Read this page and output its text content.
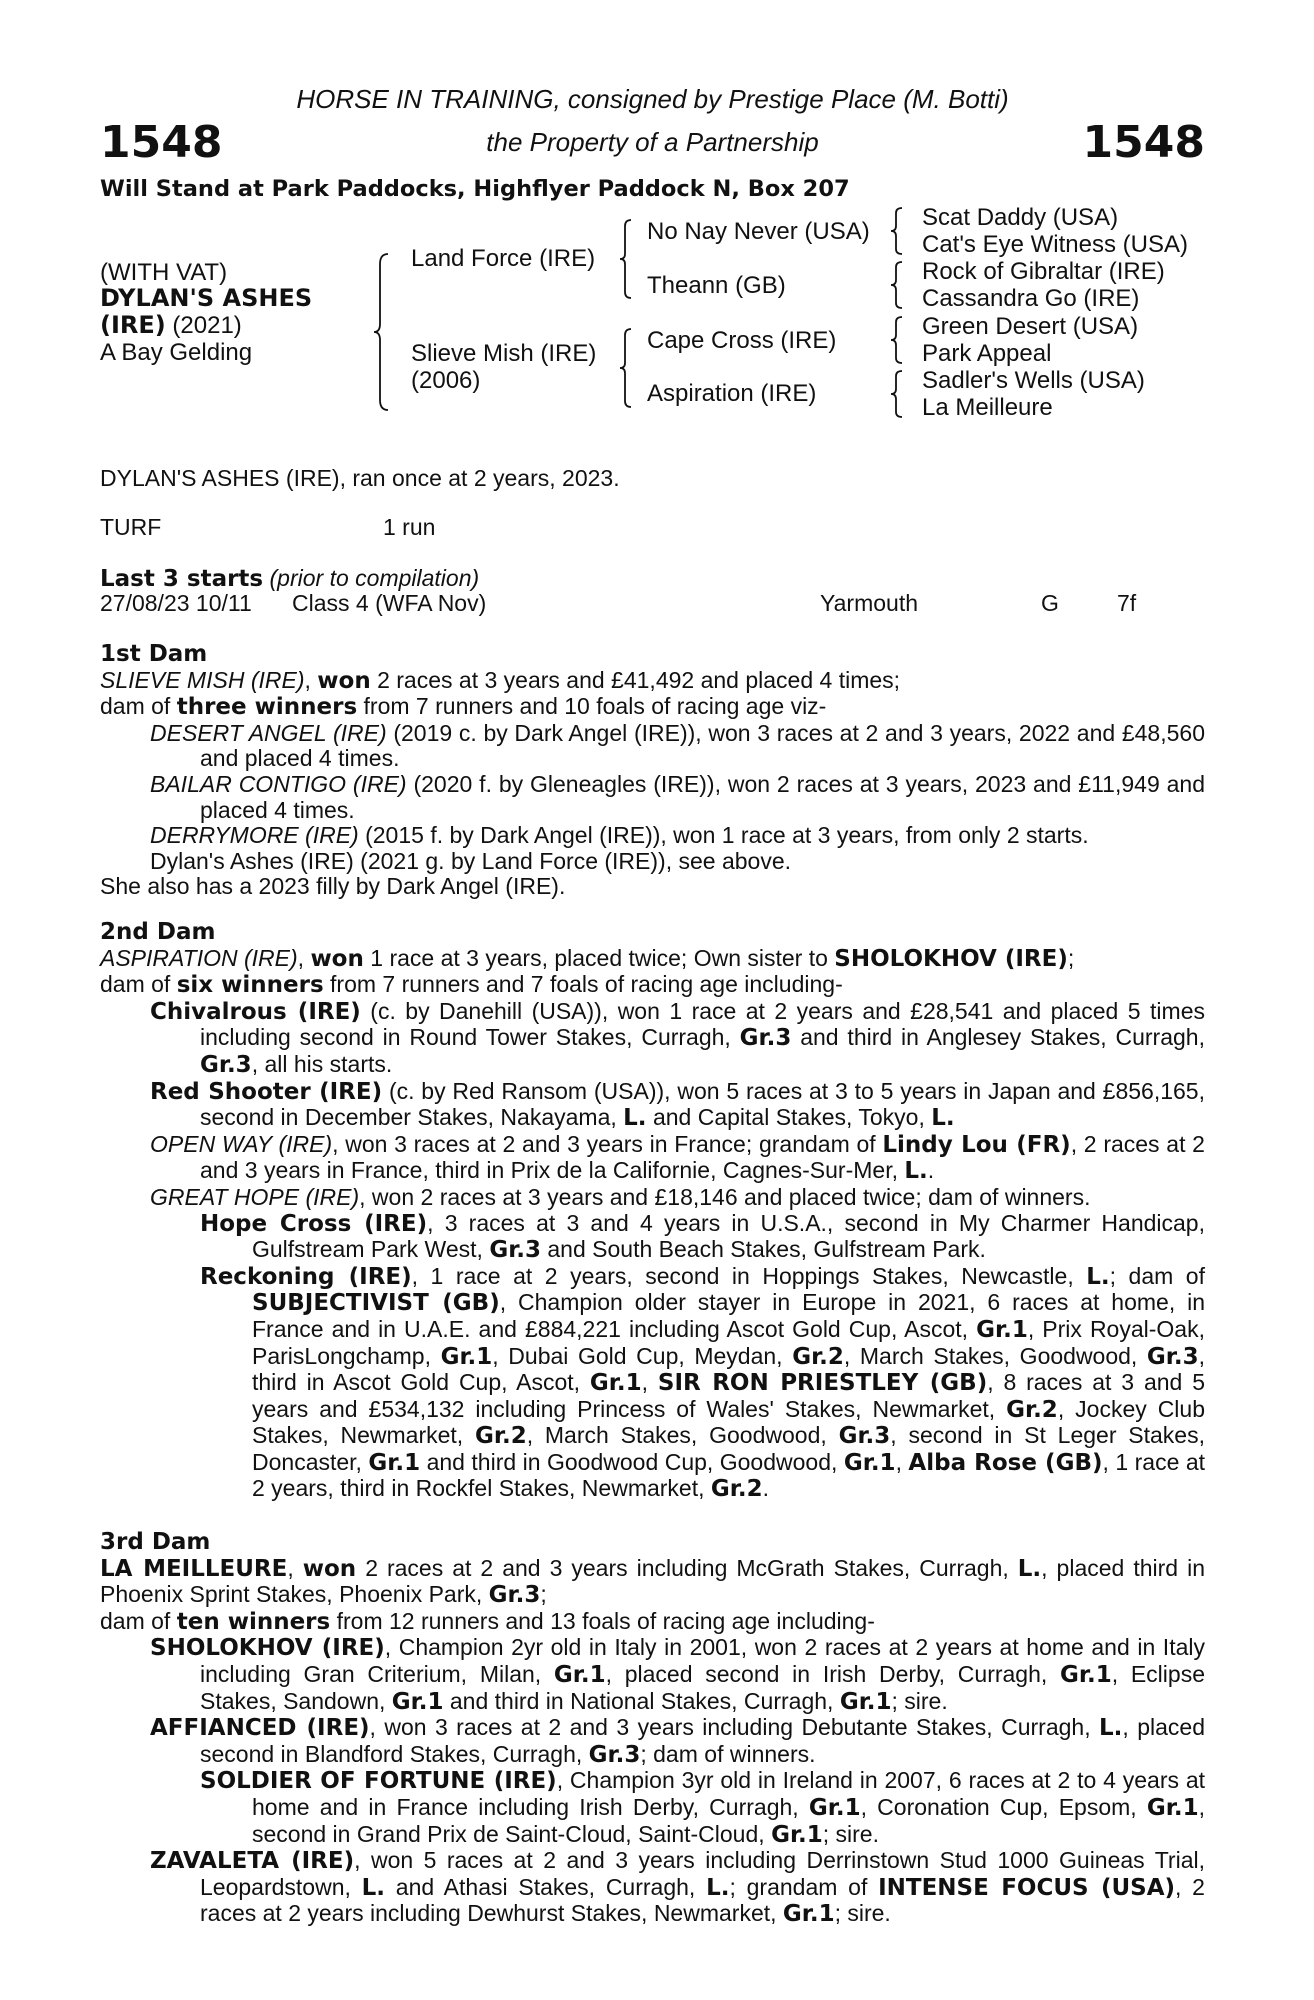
1548	1548
HORSE IN TRAINING, consigned by Prestige Place (M. Botti)
the Property of a Partnership
Will Stand at Park Paddocks, Highflyer Paddock N, Box 207
(WITH VAT)
DYLAN'S ASHES
(IRE) (2021)
A Bay Gelding
Land Force (IRE)
Slieve Mish (IRE)
(2006)
No Nay Never (USA)
Theann (GB)
Cape Cross (IRE)
Aspiration (IRE)
Scat Daddy (USA)
Cat's Eye Witness (USA)
Rock of Gibraltar (IRE)
Cassandra Go (IRE)
Green Desert (USA)
Park Appeal
Sadler's Wells (USA)
La Meilleure
DYLAN'S ASHES (IRE), ran once at 2 years, 2023.
TURF	1 run
Last 3 starts (prior to compilation)
27/08/23 10/11 Class 4 (WFA Nov)	Yarmouth	G	7f

1st Dam

SLIEVE MISH (IRE), won 2 races at 3 years and £41,492 and placed 4 times;

dam of three winners from 7 runners and 10 foals of racing age viz-

DESERT ANGEL (IRE) (2019 c. by Dark Angel (IRE)), won 3 races at 2 and 3 years, 2022 and £48,560 and placed 4 times.

BAILAR CONTIGO (IRE) (2020 f. by Gleneagles (IRE)), won 2 races at 3 years, 2023 and £11,949 and placed 4 times.

DERRYMORE (IRE) (2015 f. by Dark Angel (IRE)), won 1 race at 3 years, from only 2 starts.

Dylan's Ashes (IRE) (2021 g. by Land Force (IRE)), see above.

She also has a 2023 filly by Dark Angel (IRE).

2nd Dam

ASPIRATION (IRE), won 1 race at 3 years, placed twice; Own sister to SHOLOKHOV (IRE);

dam of six winners from 7 runners and 7 foals of racing age including-

Chivalrous (IRE) (c. by Danehill (USA)), won 1 race at 2 years and £28,541 and placed 5 times including second in Round Tower Stakes, Curragh, Gr.3 and third in Anglesey Stakes, Curragh, Gr.3, all his starts.

Red Shooter (IRE) (c. by Red Ransom (USA)), won 5 races at 3 to 5 years in Japan and £856,165, second in December Stakes, Nakayama, L. and Capital Stakes, Tokyo, L.

OPEN WAY (IRE), won 3 races at 2 and 3 years in France; grandam of Lindy Lou (FR), 2 races at 2 and 3 years in France, third in Prix de la Californie, Cagnes-Sur-Mer, L..

GREAT HOPE (IRE), won 2 races at 3 years and £18,146 and placed twice; dam of winners.

Hope Cross (IRE), 3 races at 3 and 4 years in U.S.A., second in My Charmer Handicap, Gulfstream Park West, Gr.3 and South Beach Stakes, Gulfstream Park.

Reckoning (IRE), 1 race at 2 years, second in Hoppings Stakes, Newcastle, L.; dam of SUBJECTIVIST (GB), Champion older stayer in Europe in 2021, 6 races at home, in France and in U.A.E. and £884,221 including Ascot Gold Cup, Ascot, Gr.1, Prix Royal-Oak, ParisLongchamp, Gr.1, Dubai Gold Cup, Meydan, Gr.2, March Stakes, Goodwood, Gr.3, third in Ascot Gold Cup, Ascot, Gr.1, SIR RON PRIESTLEY (GB), 8 races at 3 and 5 years and £534,132 including Princess of Wales' Stakes, Newmarket, Gr.2, Jockey Club Stakes, Newmarket, Gr.2, March Stakes, Goodwood, Gr.3, second in St Leger Stakes, Doncaster, Gr.1 and third in Goodwood Cup, Goodwood, Gr.1, Alba Rose (GB), 1 race at 2 years, third in Rockfel Stakes, Newmarket, Gr.2.

3rd Dam

LA MEILLEURE, won 2 races at 2 and 3 years including McGrath Stakes, Curragh, L., placed third in Phoenix Sprint Stakes, Phoenix Park, Gr.3;

dam of ten winners from 12 runners and 13 foals of racing age including-

SHOLOKHOV (IRE), Champion 2yr old in Italy in 2001, won 2 races at 2 years at home and in Italy including Gran Criterium, Milan, Gr.1, placed second in Irish Derby, Curragh, Gr.1, Eclipse Stakes, Sandown, Gr.1 and third in National Stakes, Curragh, Gr.1; sire.

AFFIANCED (IRE), won 3 races at 2 and 3 years including Debutante Stakes, Curragh, L., placed second in Blandford Stakes, Curragh, Gr.3; dam of winners.

SOLDIER OF FORTUNE (IRE), Champion 3yr old in Ireland in 2007, 6 races at 2 to 4 years at home and in France including Irish Derby, Curragh, Gr.1, Coronation Cup, Epsom, Gr.1, second in Grand Prix de Saint-Cloud, Saint-Cloud, Gr.1; sire.

ZAVALETA (IRE), won 5 races at 2 and 3 years including Derrinstown Stud 1000 Guineas Trial, Leopardstown, L. and Athasi Stakes, Curragh, L.; grandam of INTENSE FOCUS (USA), 2 races at 2 years including Dewhurst Stakes, Newmarket, Gr.1; sire.
